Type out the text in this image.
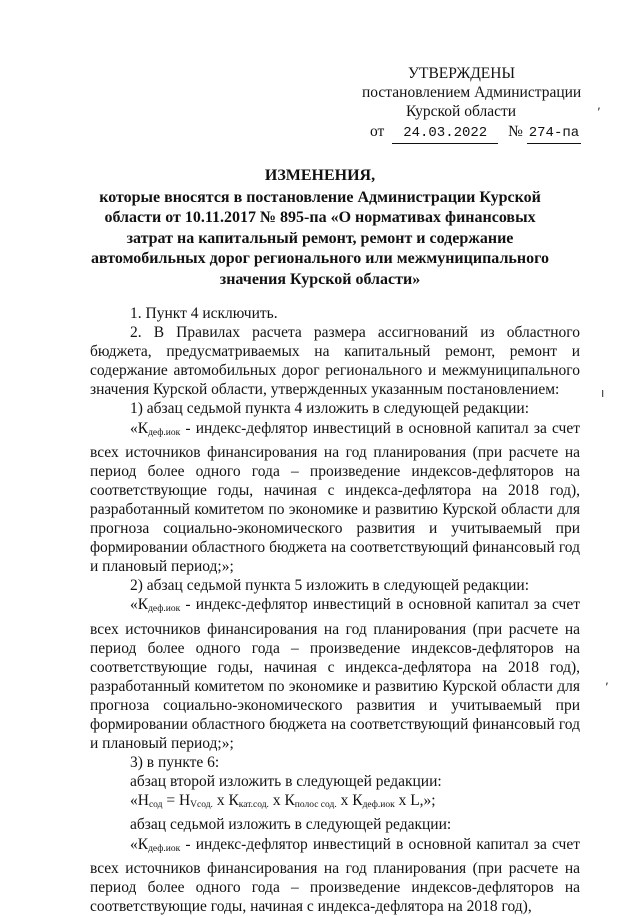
УТВЕРЖДЕНЫ
постановлением Администрации
Курской области
от 24.03.2022 № 274-па
ИЗМЕНЕНИЯ,
которые вносятся в постановление Администрации Курской области от 10.11.2017 № 895-па «О нормативах финансовых затрат на капитальный ремонт, ремонт и содержание автомобильных дорог регионального или межмуниципального значения Курской области»

1. Пункт 4 исключить.

2. В Правилах расчета размера ассигнований из областного бюджета, предусматриваемых на капитальный ремонт, ремонт и содержание автомобильных дорог регионального и межмуниципального значения Курской области, утвержденных указанным постановлением:

1) абзац седьмой пункта 4 изложить в следующей редакции:

«$К_{деф.иок}$ - индекс-дефлятор инвестиций в основной капитал за счет всех источников финансирования на год планирования (при расчете на период более одного года – произведение индексов-дефляторов на соответствующие годы, начиная с индекса-дефлятора на 2018 год), разработанный комитетом по экономике и развитию Курской области для прогноза социально-экономического развития и учитываемый при формировании областного бюджета на соответствующий финансовый год и плановый период;»;

2) абзац седьмой пункта 5 изложить в следующей редакции:

«$К_{деф.иок}$ - индекс-дефлятор инвестиций в основной капитал за счет всех источников финансирования на год планирования (при расчете на период более одного года – произведение индексов-дефляторов на соответствующие годы, начиная с индекса-дефлятора на 2018 год), разработанный комитетом по экономике и развитию Курской области для прогноза социально-экономического развития и учитываемый при формировании областного бюджета на соответствующий финансовый год и плановый период;»;

3) в пункте 6:

абзац второй изложить в следующей редакции:

«$Н_{сод} = Н_{Vсод.}$ x $К_{кат.сод.}$ x $К_{полос сод.}$ x $К_{деф.иок}$ x L,»;

абзац седьмой изложить в следующей редакции:

«$К_{деф.иок}$ - индекс-дефлятор инвестиций в основной капитал за счет всех источников финансирования на год планирования (при расчете на период более одного года – произведение индексов-дефляторов на соответствующие годы, начиная с индекса-дефлятора на 2018 год),

,
ı
,
